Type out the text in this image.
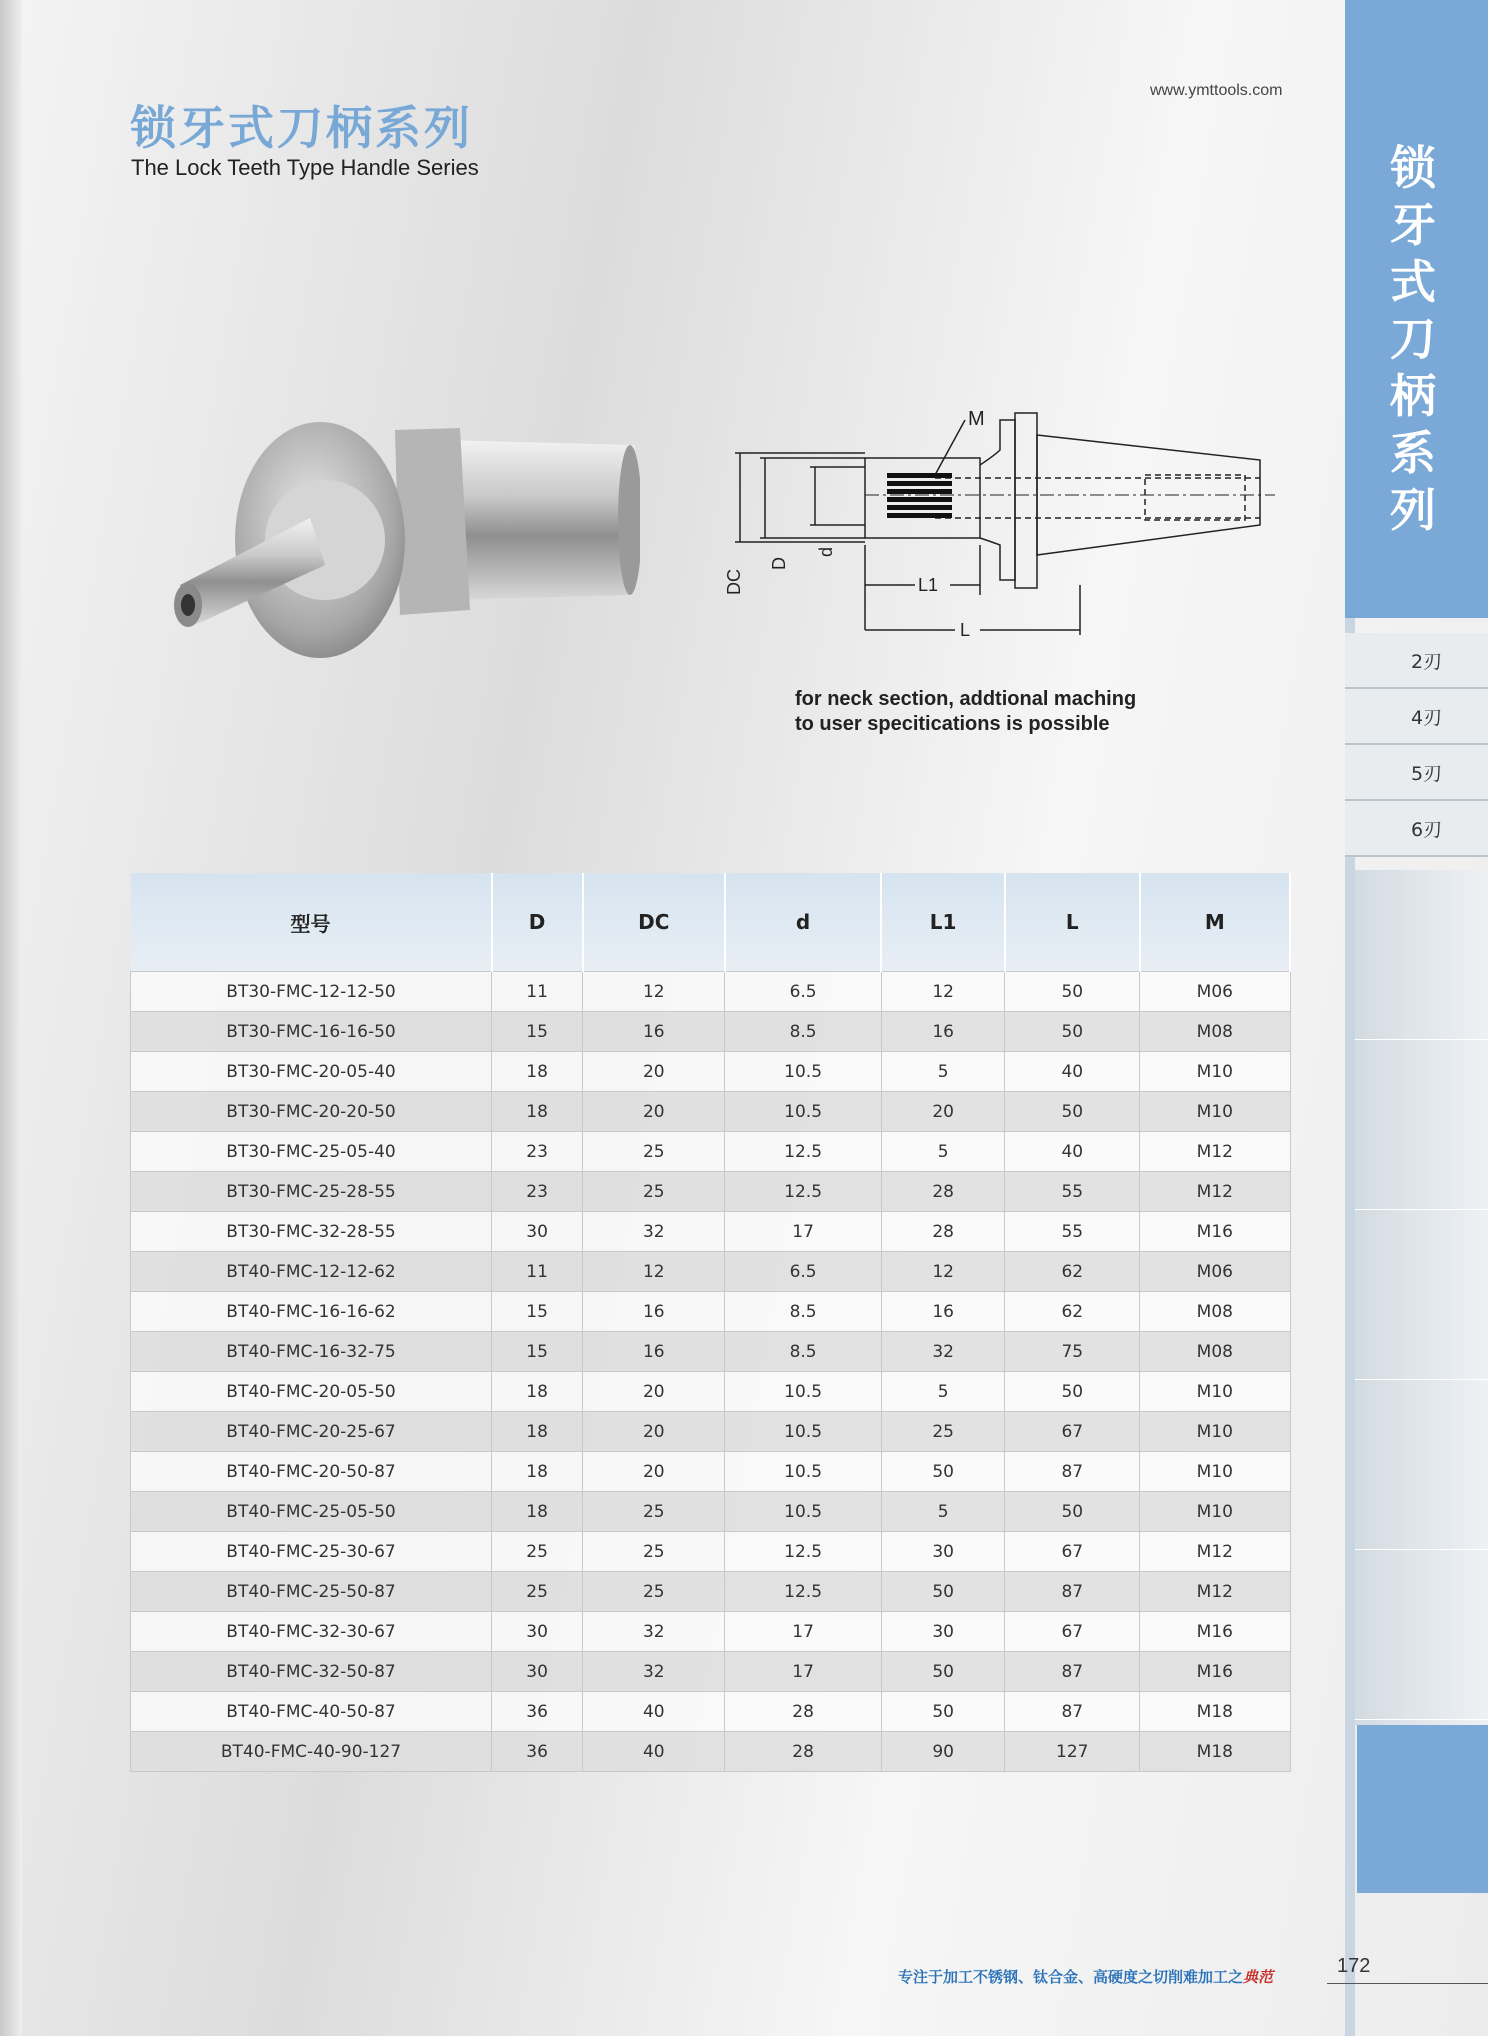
锁牙式刀柄系列
The Lock Teeth Type Handle Series
www.ymttools.com
锁牙式刀柄系列
2刃
4刃
5刃
6刃
M
DC
D
d
L1
L
for neck section, addtional maching
to user specitications is possible
型号	D	DC	d	L1	L	M
BT30-FMC-12-12-50	11	12	6.5	12	50	M06
BT30-FMC-16-16-50	15	16	8.5	16	50	M08
BT30-FMC-20-05-40	18	20	10.5	5	40	M10
BT30-FMC-20-20-50	18	20	10.5	20	50	M10
BT30-FMC-25-05-40	23	25	12.5	5	40	M12
BT30-FMC-25-28-55	23	25	12.5	28	55	M12
BT30-FMC-32-28-55	30	32	17	28	55	M16
BT40-FMC-12-12-62	11	12	6.5	12	62	M06
BT40-FMC-16-16-62	15	16	8.5	16	62	M08
BT40-FMC-16-32-75	15	16	8.5	32	75	M08
BT40-FMC-20-05-50	18	20	10.5	5	50	M10
BT40-FMC-20-25-67	18	20	10.5	25	67	M10
BT40-FMC-20-50-87	18	20	10.5	50	87	M10
BT40-FMC-25-05-50	18	25	10.5	5	50	M10
BT40-FMC-25-30-67	25	25	12.5	30	67	M12
BT40-FMC-25-50-87	25	25	12.5	50	87	M12
BT40-FMC-32-30-67	30	32	17	30	67	M16
BT40-FMC-32-50-87	30	32	17	50	87	M16
BT40-FMC-40-50-87	36	40	28	50	87	M18
BT40-FMC-40-90-127	36	40	28	90	127	M18
专注于加工不锈钢、钛合金、高硬度之切削难加工之典范	172
